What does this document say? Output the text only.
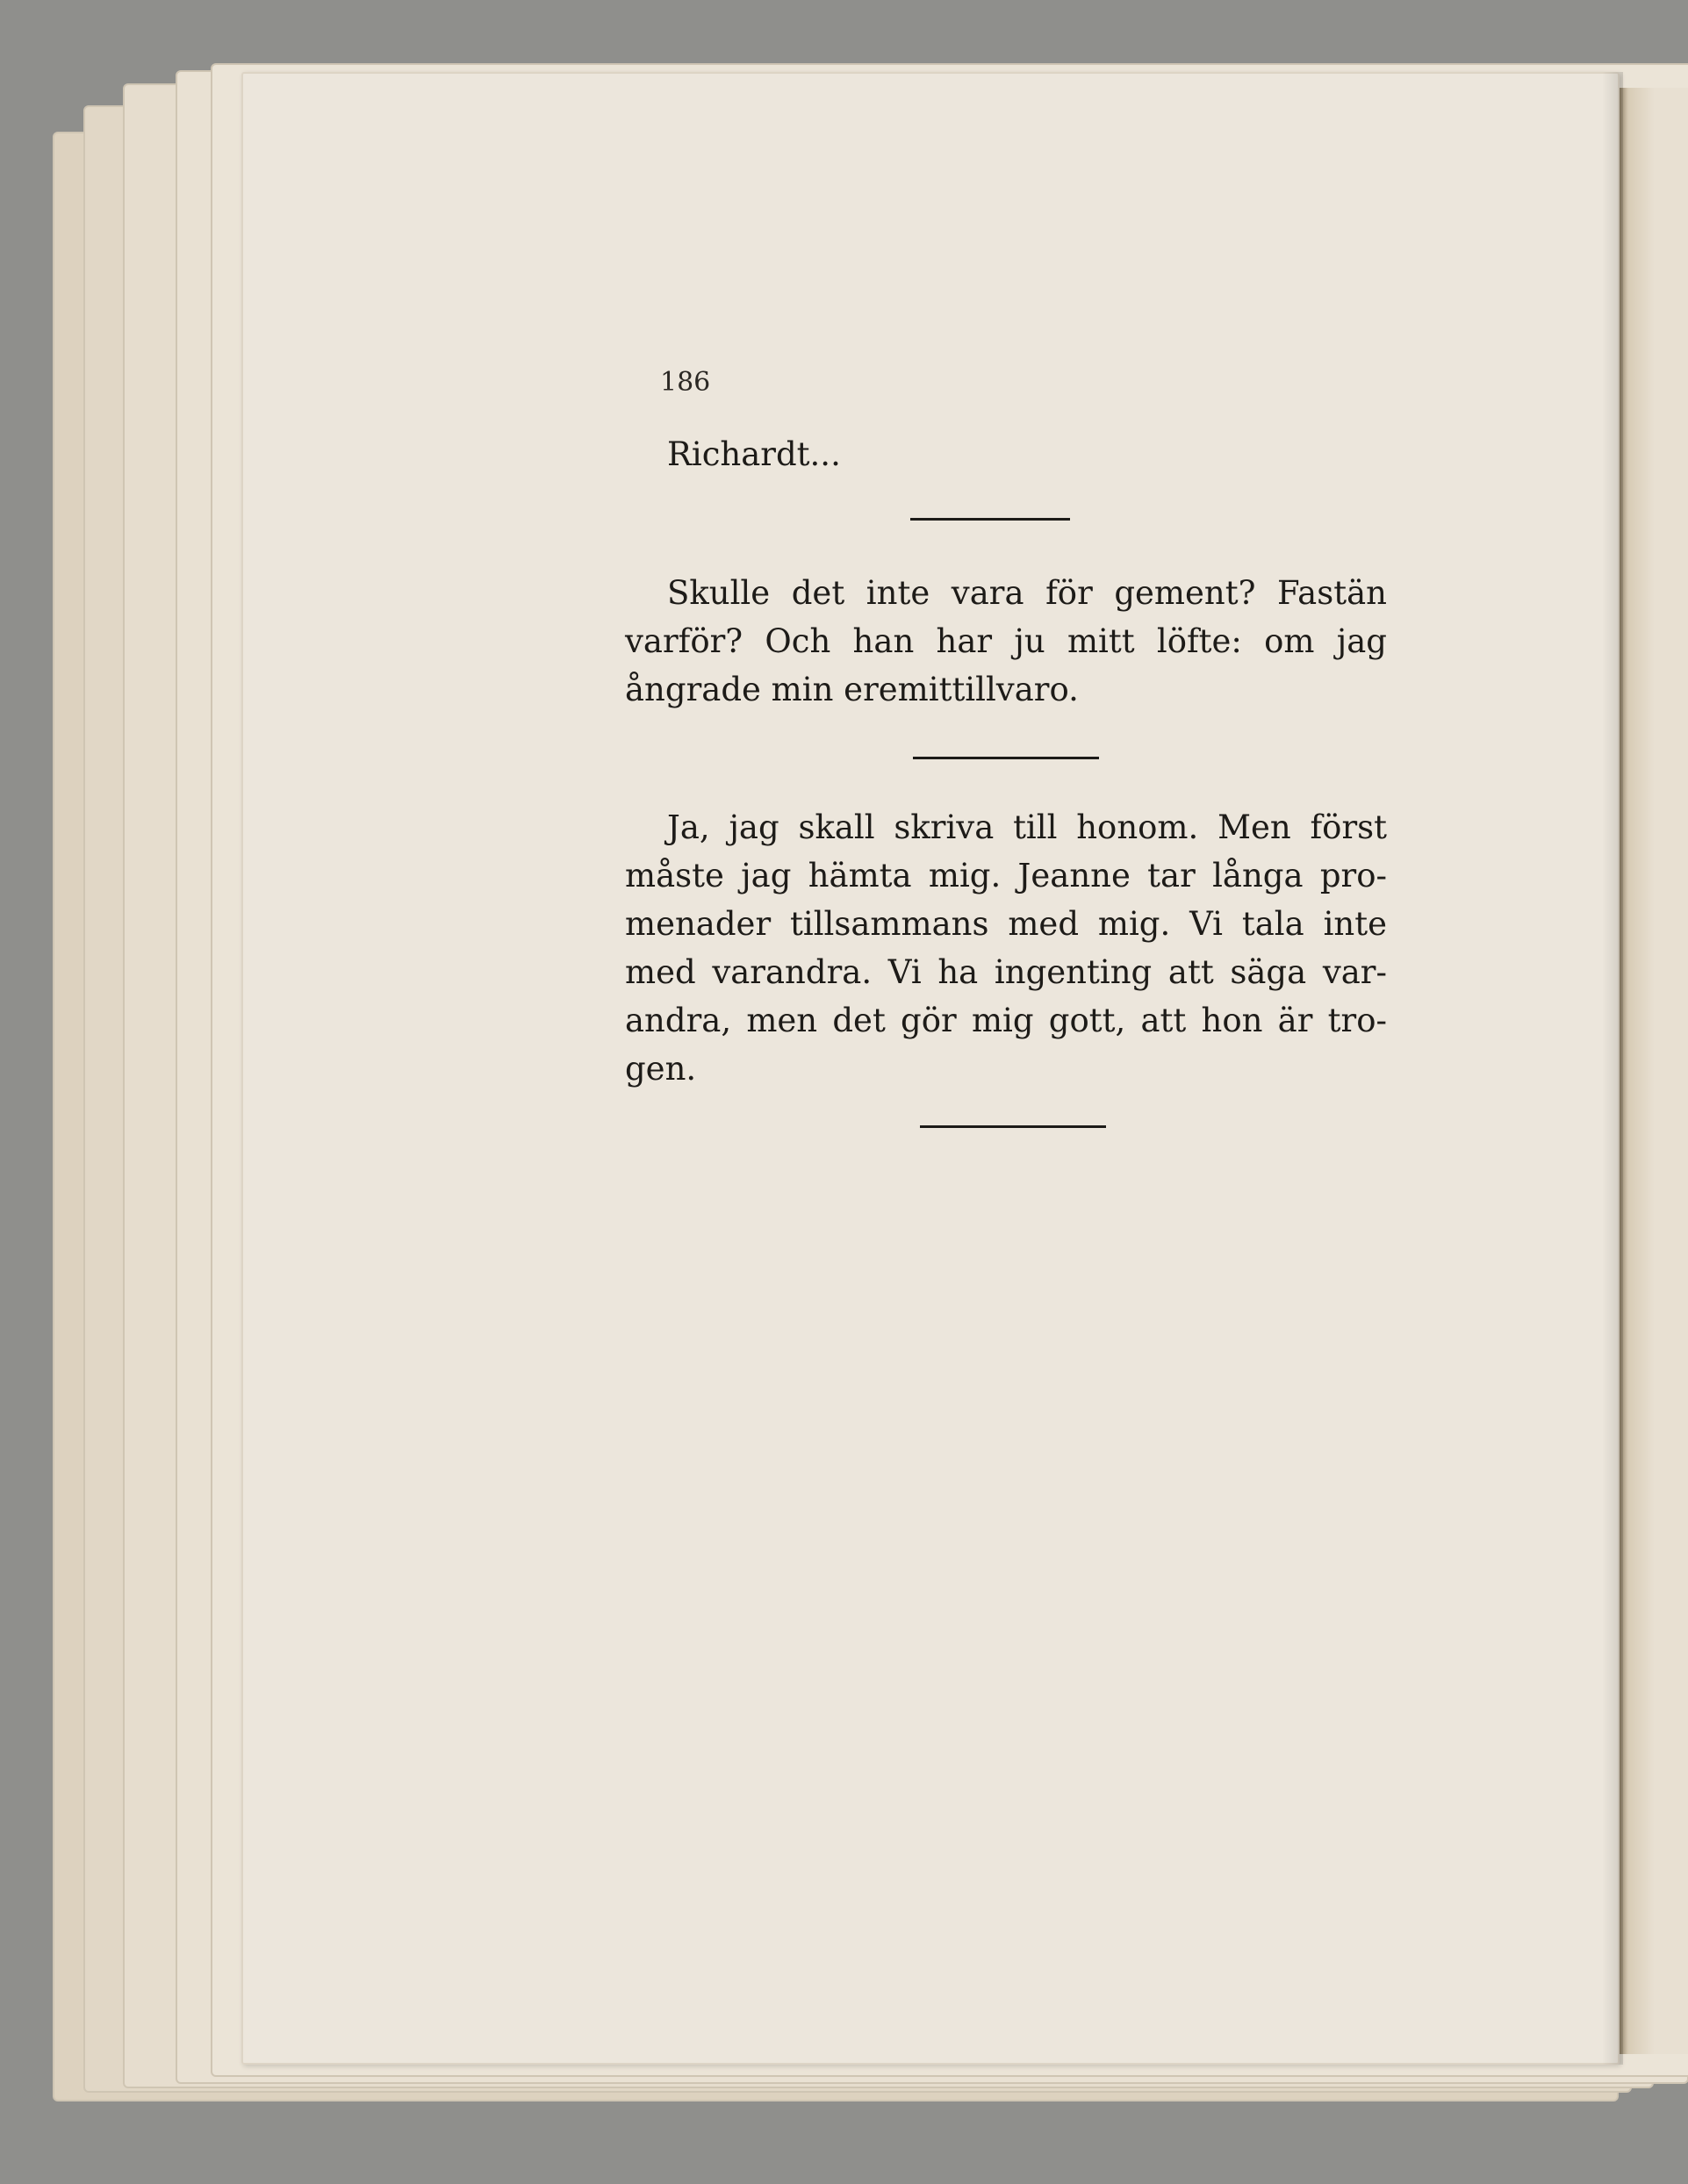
186
Richardt...
Skulle det inte vara för gement? Fastän
varför? Och han har ju mitt löfte: om jag
ångrade min eremittillvaro.
Ja, jag skall skriva till honom. Men först
måste jag hämta mig. Jeanne tar långa pro-
menader tillsammans med mig. Vi tala inte
med varandra. Vi ha ingenting att säga var-
andra, men det gör mig gott, att hon är tro-
gen.
